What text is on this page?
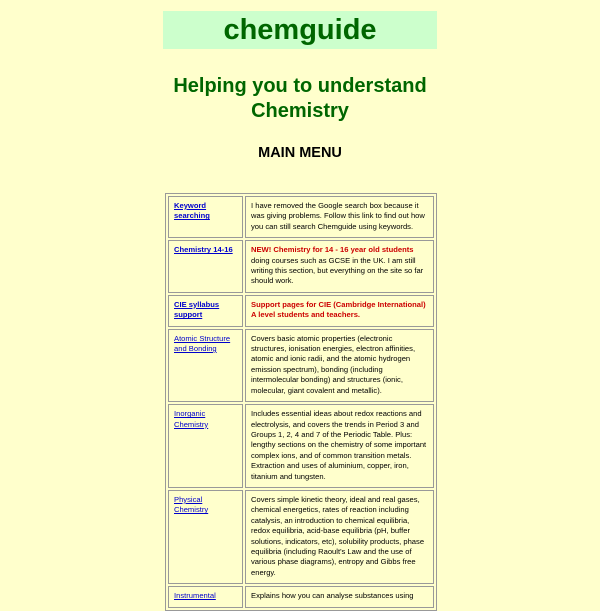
chemguide
Helping you to understand
Chemistry
MAIN MENU
Keyword searching	I have removed the Google search box because it was giving problems. Follow this link to find out how you can still search Chemguide using keywords.
Chemistry 14-16	NEW! Chemistry for 14 - 16 year old students
doing courses such as GCSE in the UK. I am still writing this section, but everything on the site so far should work.
CIE syllabus support	Support pages for CIE (Cambridge International) A level students and teachers.
Atomic Structure and Bonding	Covers basic atomic properties (electronic structures, ionisation energies, electron affinities, atomic and ionic radii, and the atomic hydrogen emission spectrum), bonding (including intermolecular bonding) and structures (ionic, molecular, giant covalent and metallic).
Inorganic Chemistry	Includes essential ideas about redox reactions and electrolysis, and covers the trends in Period 3 and Groups 1, 2, 4 and 7 of the Periodic Table. Plus: lengthy sections on the chemistry of some important complex ions, and of common transition metals. Extraction and uses of aluminium, copper, iron, titanium and tungsten.
Physical Chemistry	Covers simple kinetic theory, ideal and real gases, chemical energetics, rates of reaction including catalysis, an introduction to chemical equilibria, redox equilibria, acid-base equilibria (pH, buffer solutions, indicators, etc), solubility products, phase equilibria (including Raoult's Law and the use of various phase diagrams), entropy and Gibbs free energy.
Instrumental	Explains how you can analyse substances using
